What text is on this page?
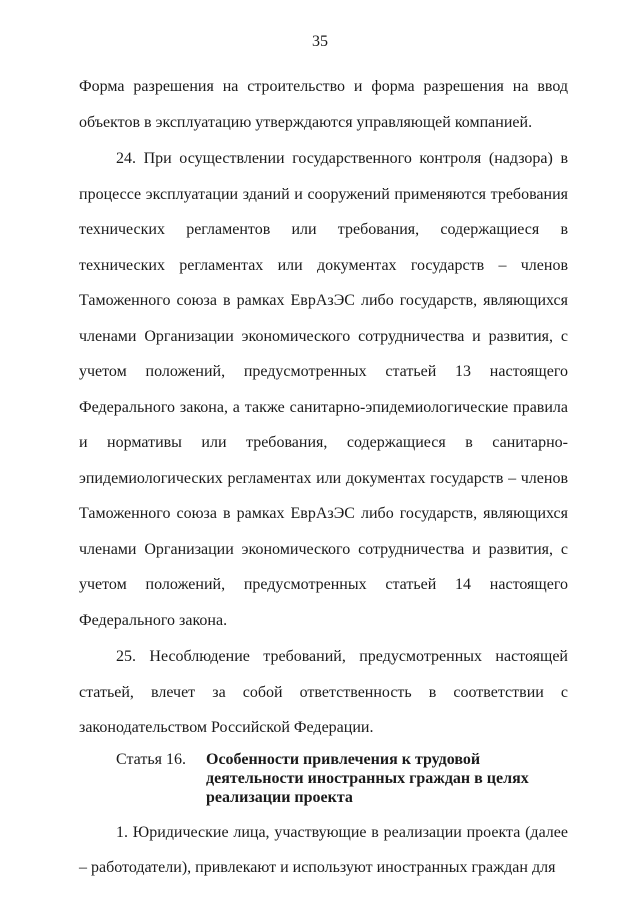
35

Форма разрешения на строительство и форма разрешения на ввод объектов в эксплуатацию утверждаются управляющей компанией.

24. При осуществлении государственного контроля (надзора) в процессе эксплуатации зданий и сооружений применяются требования технических регламентов или требования, содержащиеся в технических регламентах или документах государств – членов Таможенного союза в рамках ЕврАзЭС либо государств, являющихся членами Организации экономического сотрудничества и развития, с учетом положений, предусмотренных статьей 13 настоящего Федерального закона, а также санитарно-эпидемиологические правила и нормативы или требования, содержащиеся в санитарно-эпидемиологических регламентах или документах государств – членов Таможенного союза в рамках ЕврАзЭС либо государств, являющихся членами Организации экономического сотрудничества и развития, с учетом положений, предусмотренных статьей 14 настоящего Федерального закона.

25. Несоблюдение требований, предусмотренных настоящей статьей, влечет за собой ответственность в соответствии с законодательством Российской Федерации.

Статья 16.	Особенности привлечения к трудовой деятельности иностранных граждан в целях реализации проекта

1. Юридические лица, участвующие в реализации проекта (далее – работодатели), привлекают и используют иностранных граждан для
